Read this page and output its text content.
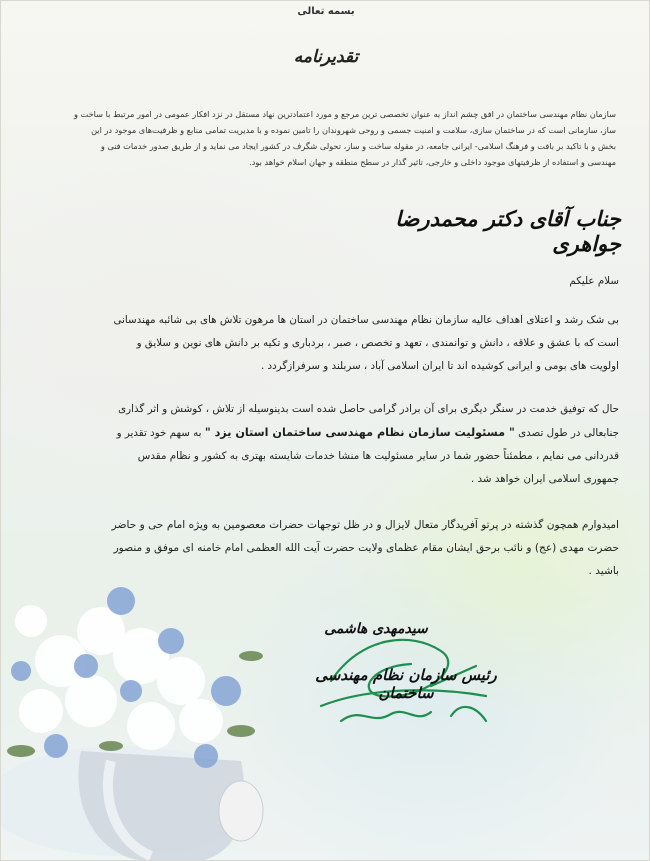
بسمه تعالی
تقدیرنامه
سازمان نظام مهندسی ساختمان در افق چشم انداز به عنوان تخصصی ترین مرجع و مورد اعتمادترین نهاد مستقل در نزد افکار عمومی در امور مرتبط با ساخت و ساز، سازمانی است که در ساختمان سازی، سلامت و امنیت جسمی و روحی شهروندان را تامین نموده و با مدیریت تمامی منابع و ظرفیت‌های موجود در این بخش و با تاکید بر بافت و فرهنگ اسلامی- ایرانی جامعه، در مقوله ساخت و ساز، تحولی شگرف در کشور ایجاد می نماید و از طریق صدور خدمات فنی و مهندسی و استفاده از ظرفیتهای موجود داخلی و خارجی، تاثیر گذار در سطح منطقه و جهان اسلام خواهد بود.
جناب آقای دکتر محمدرضا جواهری
سلام علیکم
بی شک رشد و اعتلای اهداف عالیه سازمان نظام مهندسی ساختمان در استان ها مرهون تلاش های بی شائبه مهندسانی است که با عشق و علاقه ، دانش و توانمندی ، تعهد و تخصص ، صبر ، بردباری و تکیه بر دانش های نوین و سلایق و اولویت های بومی و ایرانی کوشیده اند تا ایران اسلامی آباد ، سربلند و سرفرازگردد .
حال که توفیق خدمت در سنگر دیگری برای آن برادر گرامی حاصل شده است بدینوسیله از تلاش ، کوشش و اثر گذاری جنابعالی در طول تصدی " مسئولیت سازمان نظام مهندسی ساختمان استان یزد " به سهم خود تقدیر و قدردانی می نمایم ، مطمئناً حضور شما در سایر مسئولیت ها منشا خدمات شایسته بهتری به کشور و نظام مقدس جمهوری اسلامی ایران خواهد شد .
امیدوارم همچون گذشته در پرتو آفریدگار متعال لایزال و در ظل توجهات حضرات معصومین به ویژه امام حی و حاضر حضرت مهدی (عج) و نائب برحق ایشان مقام عظمای ولایت حضرت آیت الله العظمی امام خامنه ای موفق و منصور باشید .
سیدمهدی هاشمی
رئیس سازمان نظام مهندسی ساختمان
